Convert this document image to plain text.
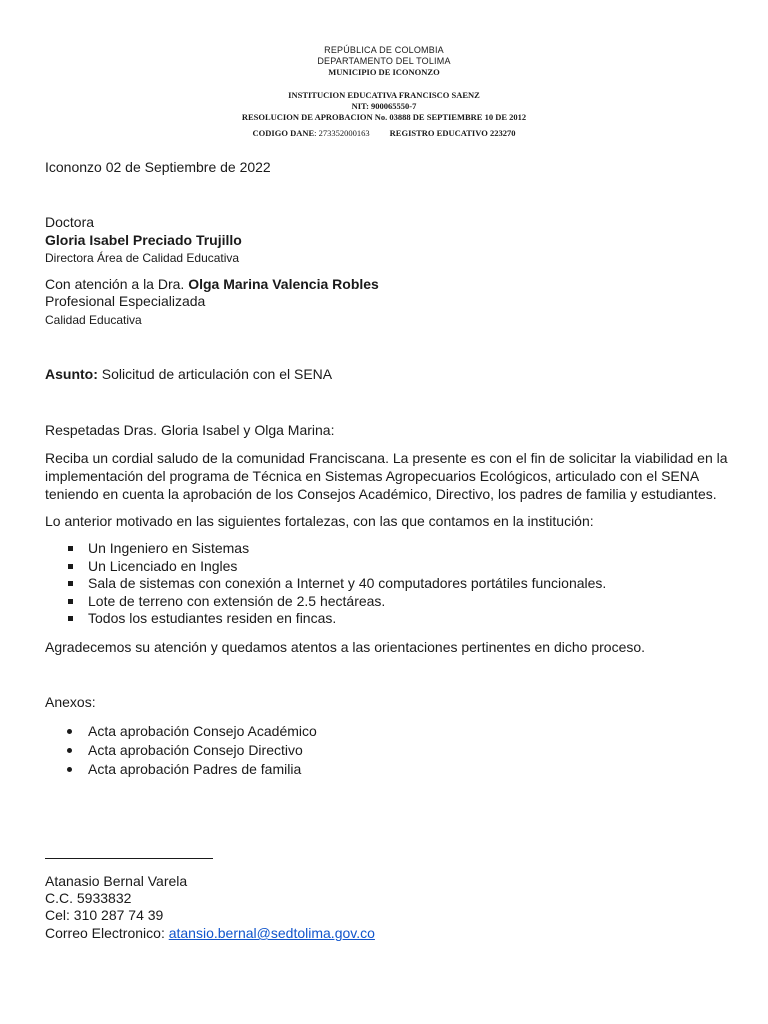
REPÚBLICA DE COLOMBIA
DEPARTAMENTO DEL TOLIMA
MUNICIPIO DE ICONONZO
INSTITUCION EDUCATIVA FRANCISCO SAENZ
NIT: 900065550-7
RESOLUCION DE APROBACION No. 03888 DE SEPTIEMBRE 10 DE 2012
CODIGO DANE: 273352000163 REGISTRO EDUCATIVO 223270
Icononzo 02 de Septiembre de 2022
Doctora
Gloria Isabel Preciado Trujillo
Directora Área de Calidad Educativa
Con atención a la Dra. Olga Marina Valencia Robles
Profesional Especializada
Calidad Educativa
Asunto: Solicitud de articulación con el SENA
Respetadas Dras. Gloria Isabel y Olga Marina:
Reciba un cordial saludo de la comunidad Franciscana. La presente es con el fin de solicitar la viabilidad en la implementación del programa de Técnica en Sistemas Agropecuarios Ecológicos, articulado con el SENA teniendo en cuenta la aprobación de los Consejos Académico, Directivo, los padres de familia y estudiantes.
Lo anterior motivado en las siguientes fortalezas, con las que contamos en la institución:
Un Ingeniero en Sistemas
Un Licenciado en Ingles
Sala de sistemas con conexión a Internet y 40 computadores portátiles funcionales.
Lote de terreno con extensión de 2.5 hectáreas.
Todos los estudiantes residen en fincas.
Agradecemos su atención y quedamos atentos a las orientaciones pertinentes en dicho proceso.
Anexos:
Acta aprobación Consejo Académico
Acta aprobación Consejo Directivo
Acta aprobación Padres de familia
Atanasio Bernal Varela
C.C. 5933832
Cel: 310 287 74 39
Correo Electronico: atansio.bernal@sedtolima.gov.co
